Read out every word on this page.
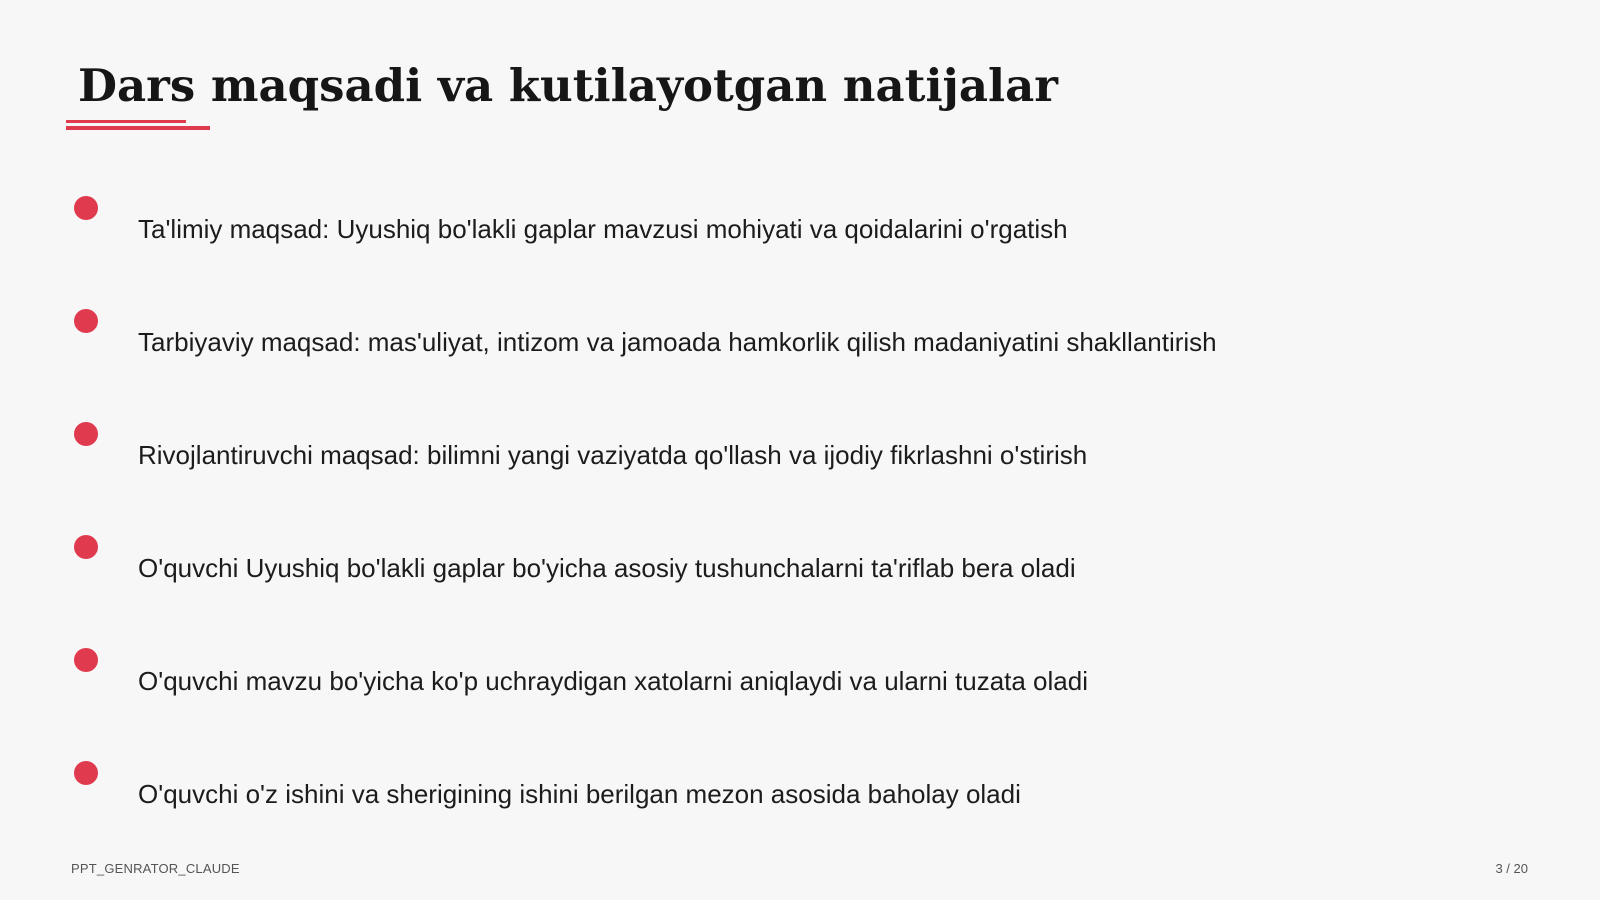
Dars maqsadi va kutilayotgan natijalar
Ta'limiy maqsad: Uyushiq bo'lakli gaplar mavzusi mohiyati va qoidalarini o'rgatish
Tarbiyaviy maqsad: mas'uliyat, intizom va jamoada hamkorlik qilish madaniyatini shakllantirish
Rivojlantiruvchi maqsad: bilimni yangi vaziyatda qo'llash va ijodiy fikrlashni o'stirish
O'quvchi Uyushiq bo'lakli gaplar bo'yicha asosiy tushunchalarni ta'riflab bera oladi
O'quvchi mavzu bo'yicha ko'p uchraydigan xatolarni aniqlaydi va ularni tuzata oladi
O'quvchi o'z ishini va sherigining ishini berilgan mezon asosida baholay oladi
PPT_GENRATOR_CLAUDE	3 / 20
